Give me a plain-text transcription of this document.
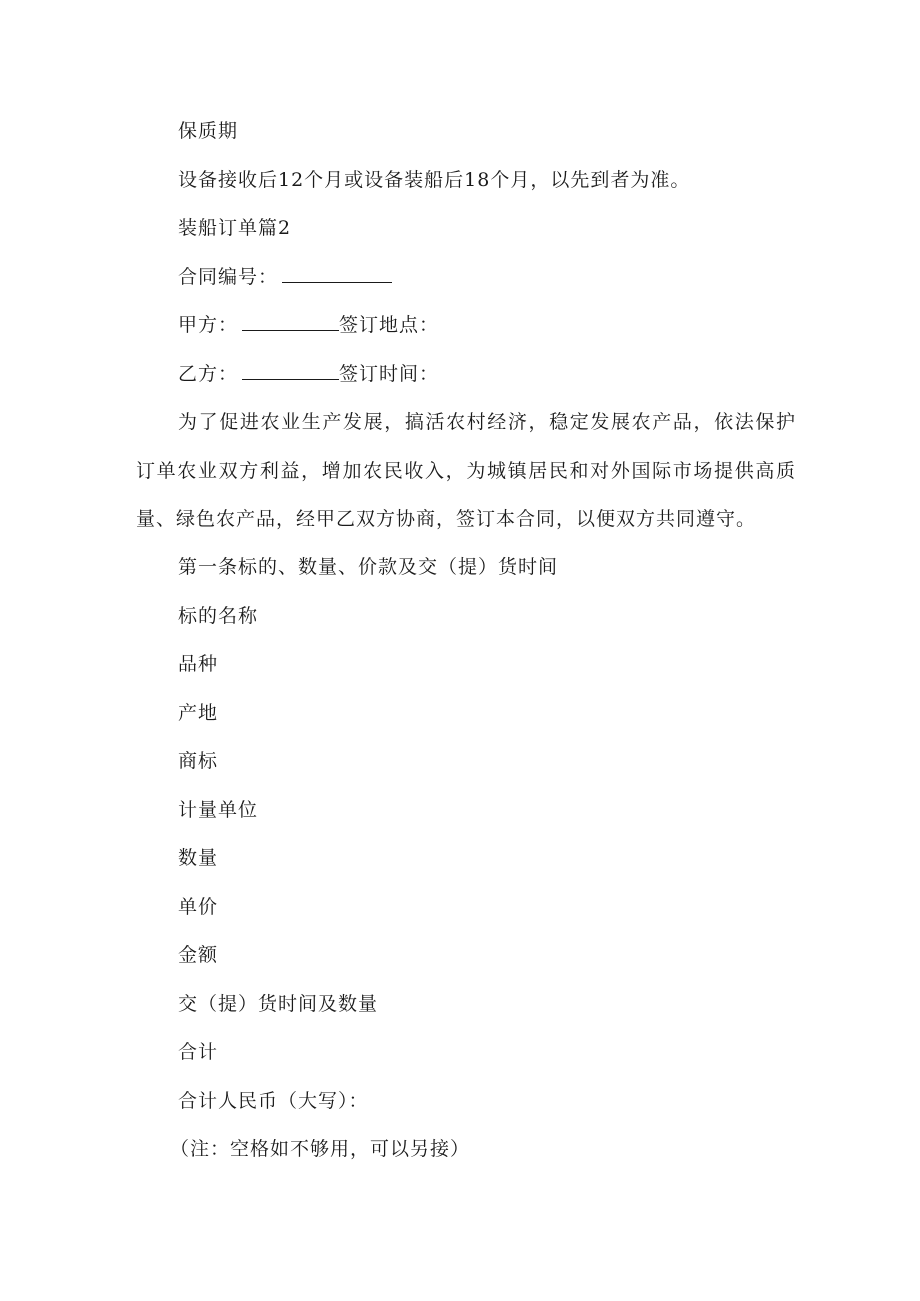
保质期
设备接收后12个月或设备装船后18个月，以先到者为准。
装船订单篇2
合同编号：
甲方：	签订地点：
乙方：	签订时间：
为了促进农业生产发展，搞活农村经济，稳定发展农产品，依法保护订单农业双方利益，增加农民收入，为城镇居民和对外国际市场提供高质量、绿色农产品，经甲乙双方协商，签订本合同，以便双方共同遵守。
第一条标的、数量、价款及交（提）货时间
标的名称
品种
产地
商标
计量单位
数量
单价
金额
交（提）货时间及数量
合计
合计人民币（大写）：
（注：空格如不够用，可以另接）
